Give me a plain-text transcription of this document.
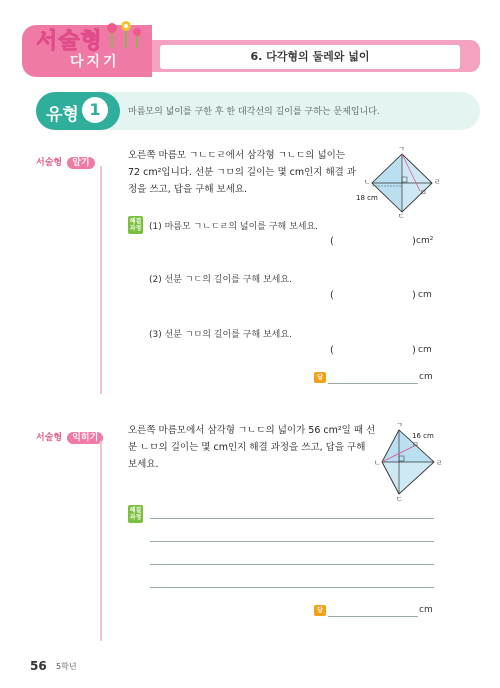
6. 다각형의 둘레와 넓이
서술형
다지기
유형 1	마름모의 넓이를 구한 후 한 대각선의 길이를 구하는 문제입니다.
서술형 알기
오른쪽 마름모 ㄱㄴㄷㄹ에서 삼각형 ㄱㄴㄷ의 넓이는
72 cm²입니다. 선분 ㄱㅁ의 길이는 몇 cm인지 해결 과
정을 쓰고, 답을 구해 보세요.
ㄱ
ㄴ	ㄹ
ㄷ
ㅁ
18 cm
해결
과정 (1) 마름모 ㄱㄴㄷㄹ의 넓이를 구해 보세요.
(	) cm²
(2) 선분 ㄱㄷ의 길이를 구해 보세요.
(	) cm
(3) 선분 ㄱㅁ의 길이를 구해 보세요.
(	) cm
답	cm
서술형 익히기
오른쪽 마름모에서 삼각형 ㄱㄴㄷ의 넓이가 56 cm²일 때 선
분 ㄴㅁ의 길이는 몇 cm인지 해결 과정을 쓰고, 답을 구해
보세요.
ㄱ
ㄴ	ㄹ
ㄷ
ㅁ
16 cm
해결
과정
답	cm
56 5학년
